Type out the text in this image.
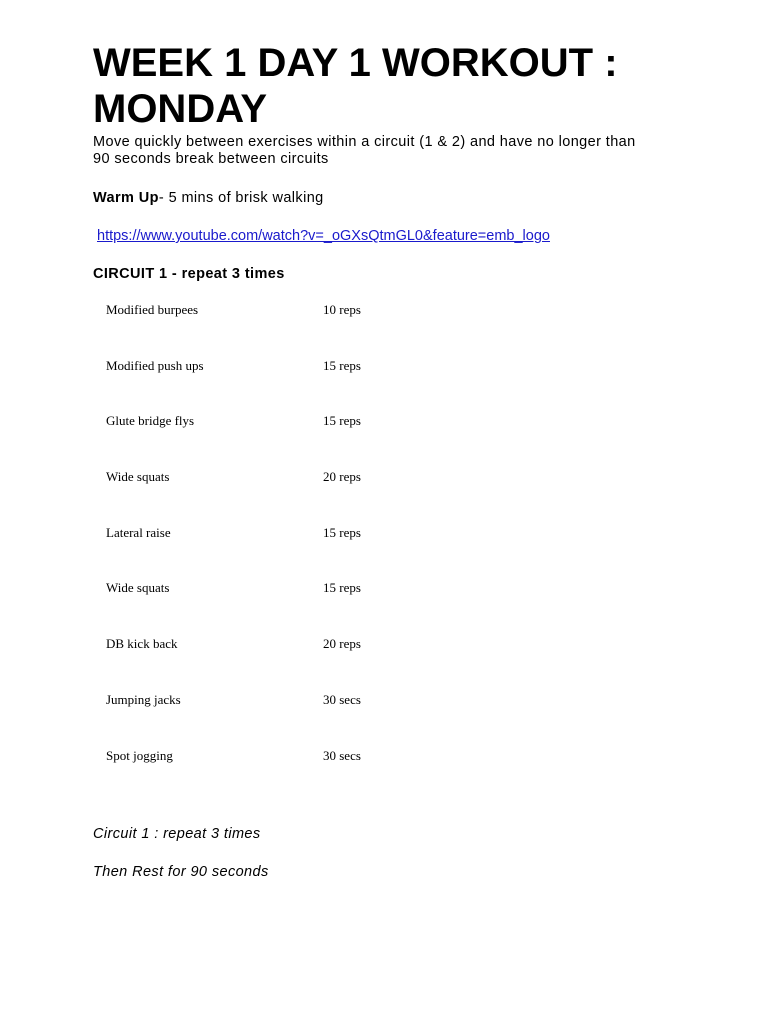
WEEK 1 DAY 1 WORKOUT :
MONDAY

Move quickly between exercises within a circuit (1 & 2) and have no longer than
90 seconds break between circuits

Warm Up- 5 mins of brisk walking

https://www.youtube.com/watch?v=_oGXsQtmGL0&feature=emb_logo

CIRCUIT 1 - repeat 3 times

Modified burpees	10 reps
Modified push ups	15 reps
Glute bridge flys	15 reps
Wide squats	20 reps
Lateral raise	15 reps
Wide squats	15 reps
DB kick back	20 reps
Jumping jacks	30 secs
Spot jogging	30 secs

Circuit 1 : repeat 3 times

Then Rest for 90 seconds
